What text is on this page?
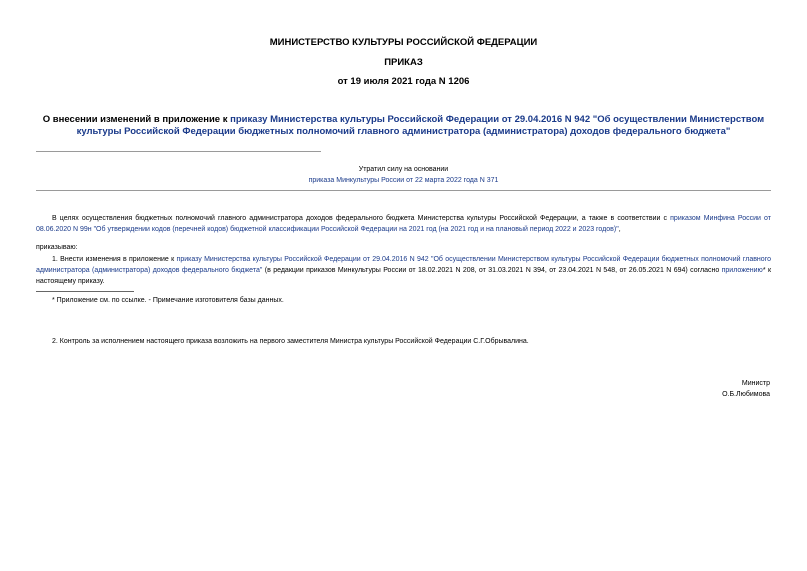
МИНИСТЕРСТВО КУЛЬТУРЫ РОССИЙСКОЙ ФЕДЕРАЦИИ
ПРИКАЗ
от 19 июля 2021 года N 1206
О внесении изменений в приложение к приказу Министерства культуры Российской Федерации от 29.04.2016 N 942 "Об осуществлении Министерством культуры Российской Федерации бюджетных полномочий главного администратора (администратора) доходов федерального бюджета"
Утратил силу на основании
приказа Минкультуры России от 22 марта 2022 года N 371
В целях осуществления бюджетных полномочий главного администратора доходов федерального бюджета Министерства культуры Российской Федерации, а также в соответствии с приказом Минфина России от 08.06.2020 N 99н "Об утверждении кодов (перечней кодов) бюджетной классификации Российской Федерации на 2021 год (на 2021 год и на плановый период 2022 и 2023 годов)",
приказываю:
1. Внести изменения в приложение к приказу Министерства культуры Российской Федерации от 29.04.2016 N 942 "Об осуществлении Министерством культуры Российской Федерации бюджетных полномочий главного администратора (администратора) доходов федерального бюджета" (в редакции приказов Минкультуры России от 18.02.2021 N 208, от 31.03.2021 N 394, от 23.04.2021 N 548, от 26.05.2021 N 694) согласно приложению* к настоящему приказу.
* Приложение см. по ссылке. - Примечание изготовителя базы данных.
2. Контроль за исполнением настоящего приказа возложить на первого заместителя Министра культуры Российской Федерации С.Г.Обрывалина.
Министр
О.Б.Любимова
